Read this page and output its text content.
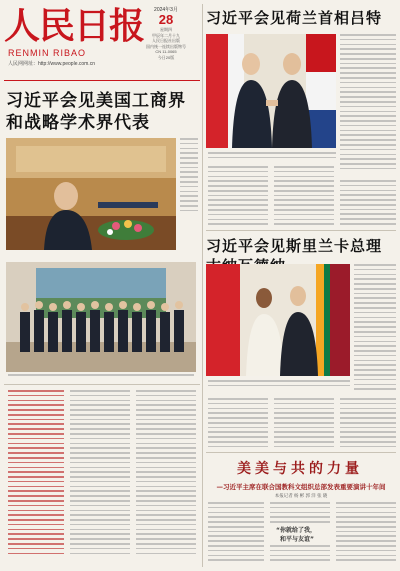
人民日报
RENMIN RIBAO
人民网网址：http://www.people.com.cn
2024年3月
28
星期四
甲辰年二月十九
人民日报社出版
国内统一连续出版物号
CN 11-0065
今日20版
习近平会见美国工商界
和战略学术界代表
习近平会见荷兰首相吕特
习近平会见斯里兰卡总理
美美与共的力量
—习近平主席在联合国教科文组织总部发表重要演讲十年间
本报记者 杨 彬 郭 洋 张 晓
“你就给了我，
和平与友谊”
